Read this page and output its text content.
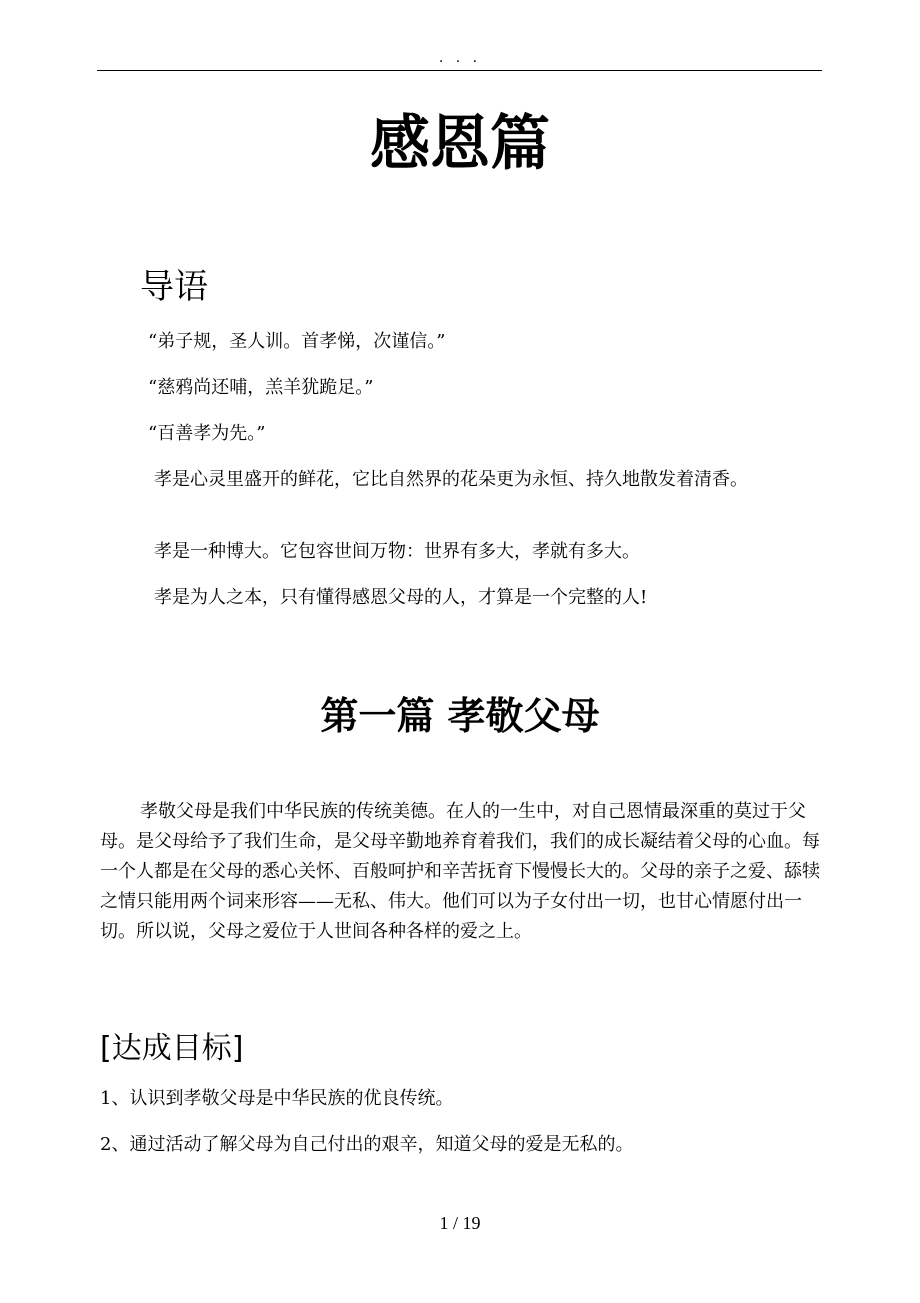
. . .
感恩篇
导语

“弟子规，圣人训。首孝悌，次谨信。”

“慈鸦尚还哺，羔羊犹跪足。”

“百善孝为先。”

孝是心灵里盛开的鲜花，它比自然界的花朵更为永恒、持久地散发着清香。

孝是一种博大。它包容世间万物：世界有多大，孝就有多大。

孝是为人之本，只有懂得感恩父母的人，才算是一个完整的人!

第一篇 孝敬父母

孝敬父母是我们中华民族的传统美德。在人的一生中，对自己恩情最深重的莫过于父母。是父母给予了我们生命，是父母辛勤地养育着我们，我们的成长凝结着父母的心血。每一个人都是在父母的悉心关怀、百般呵护和辛苦抚育下慢慢长大的。父母的亲子之爱、舔犊之情只能用两个词来形容——无私、伟大。他们可以为子女付出一切，也甘心情愿付出一切。所以说，父母之爱位于人世间各种各样的爱之上。

[达成目标]

1、认识到孝敬父母是中华民族的优良传统。

2、通过活动了解父母为自己付出的艰辛，知道父母的爱是无私的。

1 / 19
